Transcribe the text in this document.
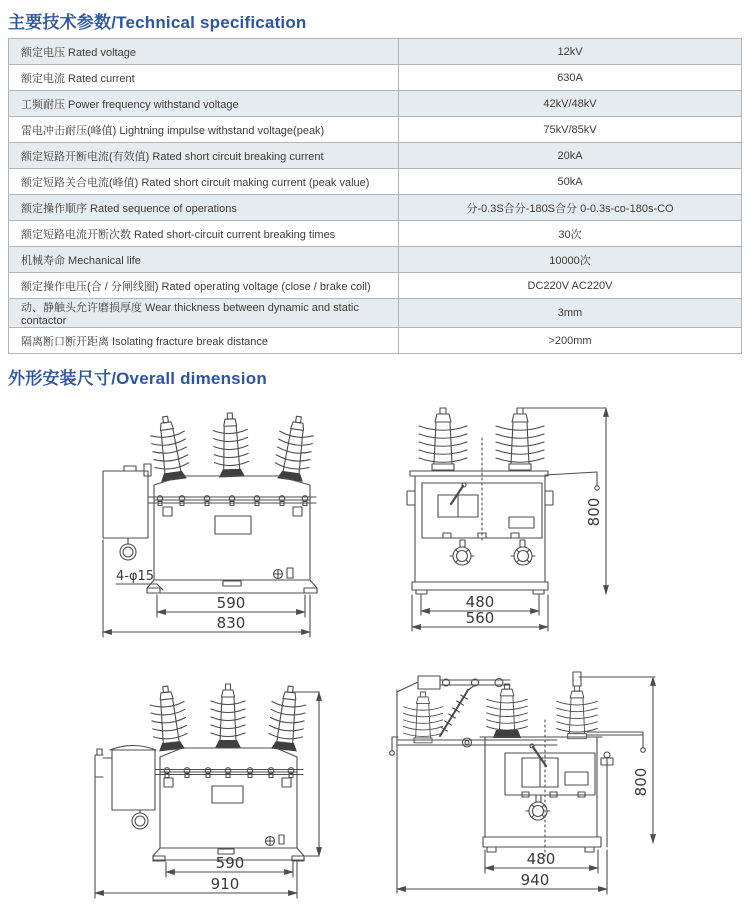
主要技术参数/Technical specification
外形安装尺寸/Overall dimension
额定电压 Rated voltage	12kV
额定电流 Rated current	630A
工频耐压 Power frequency withstand voltage	42kV/48kV
雷电冲击耐压(峰值) Lightning impulse withstand voltage(peak)	75kV/85kV
额定短路开断电流(有效值) Rated short circuit breaking current	20kA
额定短路关合电流(峰值) Rated short circuit making current (peak value)	50kA
额定操作顺序 Rated sequence of operations	分-0.3S合分-180S合分 0-0.3s-co-180s-CO
额定短路电流开断次数 Rated short-circuit current breaking times	30次
机械寿命 Mechanical life	10000次
额定操作电压(合 / 分闸线圈) Rated operating voltage (close / brake coil)	DC220V AC220V
动、静触头允许磨损厚度 Wear thickness between dynamic and static contactor	3mm
隔离断口断开距离 Isolating fracture break distance	>200mm
4-φ15
590
830
480
560
800
590
910
480
940
800
